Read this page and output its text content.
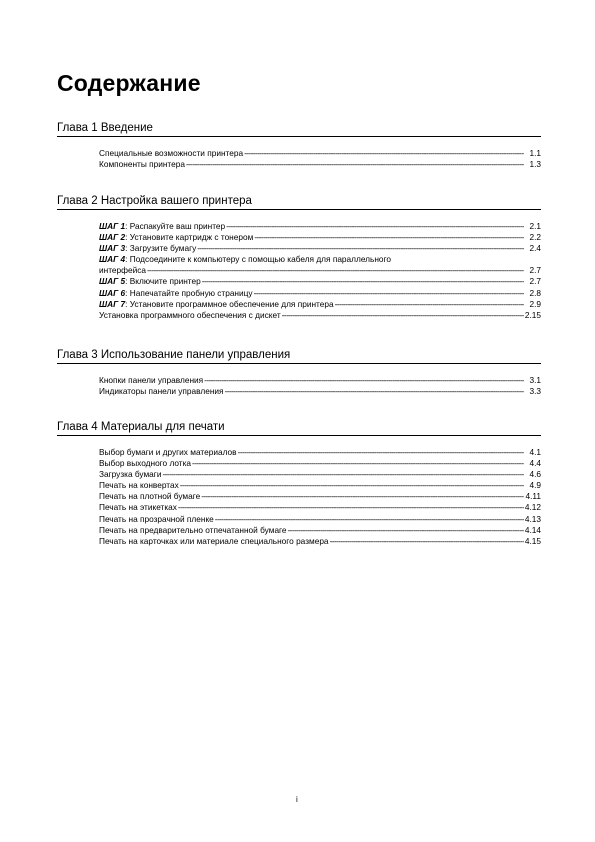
Содержание
Глава 1 Введение
Специальные возможности принтера -----	1.1
Компоненты принтера -----	1.3
Глава 2 Настройка вашего принтера
ШАГ 1: Распакуйте ваш принтер -----	2.1
ШАГ 2: Установите картридж с тонером -----	2.2
ШАГ 3: Загрузите бумагу -----	2.4
ШАГ 4: Подсоедините к компьютеру с помощью кабеля для параллельного
интерфейса -----	2.7
ШАГ 5: Включите принтер -----	2.7
ШАГ 6: Напечатайте пробную страницу -----	2.8
ШАГ 7: Установите программное обеспечение для принтера -----	2.9
Установка программного обеспечения с дискет -----	2.15
Глава 3 Использование панели управления
Кнопки панели управления -----	3.1
Индикаторы панели управления -----	3.3
Глава 4 Материалы для печати
Выбор бумаги и других материалов -----	4.1
Выбор выходного лотка -----	4.4
Загрузка бумаги -----	4.6
Печать на конвертах -----	4.9
Печать на плотной бумаге -----	4.11
Печать на этикетках -----	4.12
Печать на прозрачной пленке -----	4.13
Печать на предварительно отпечатанной бумаге -----	4.14
Печать на карточках или материале специального размера -----	4.15
i
